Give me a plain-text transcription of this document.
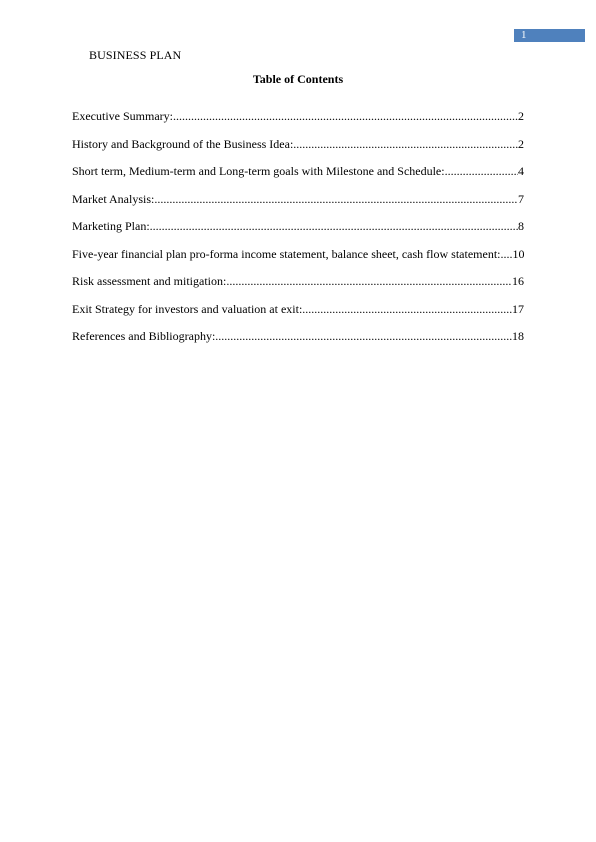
1
BUSINESS PLAN
Table of Contents
Executive Summary: .....	2
History and Background of the Business Idea: .....	2
Short term, Medium-term and Long-term goals with Milestone and Schedule: .....	4
Market Analysis: .....	7
Marketing Plan: .....	8
Five-year financial plan pro-forma income statement, balance sheet, cash flow statement: ..... 10
Risk assessment and mitigation: .....	16
Exit Strategy for investors and valuation at exit: .....	17
References and Bibliography: .....	18
